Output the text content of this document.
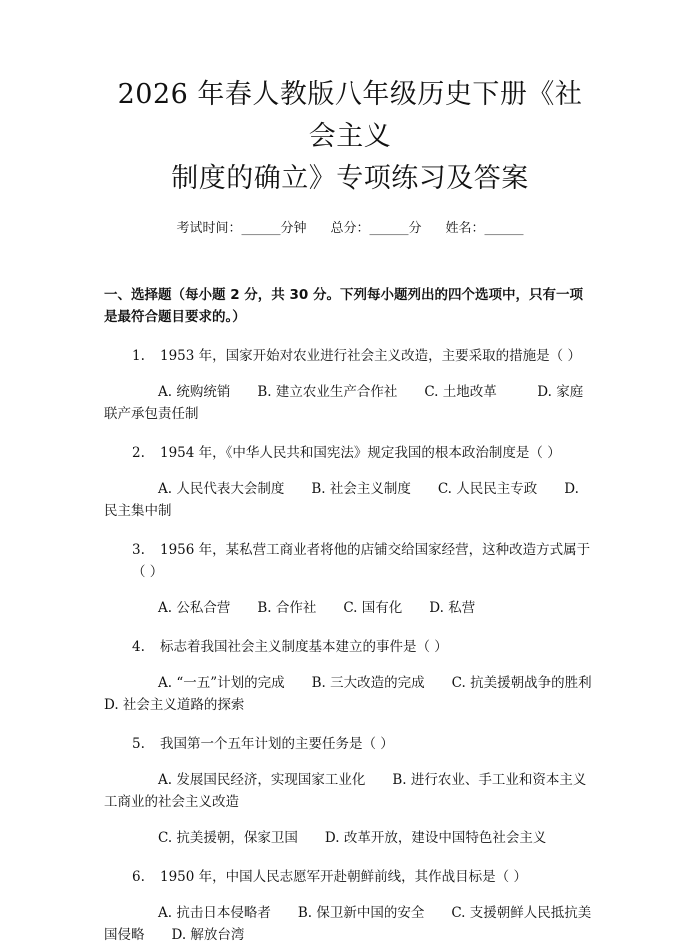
2026 年春人教版八年级历史下册《社会主义
制度的确立》专项练习及答案
考试时间：______分钟 总分：______分 姓名：______
一、选择题（每小题 2 分，共 30 分。下列每小题列出的四个选项中，只有一项是最符合题目要求的。）
1. 1953 年，国家开始对农业进行社会主义改造，主要采取的措施是（ ）
A. 统购统销　　B. 建立农业生产合作社　　C. 土地改革　　　D. 家庭联产承包责任制
2. 1954 年，《中华人民共和国宪法》规定我国的根本政治制度是（ ）
A. 人民代表大会制度　　B. 社会主义制度　　C. 人民民主专政　　D. 民主集中制
3. 1956 年，某私营工商业者将他的店铺交给国家经营，这种改造方式属于（ ）
A. 公私合营　　B. 合作社　　C. 国有化　　D. 私营
4. 标志着我国社会主义制度基本建立的事件是（ ）
A. “一五”计划的完成　　B. 三大改造的完成　　C. 抗美援朝战争的胜利　　D. 社会主义道路的探索
5. 我国第一个五年计划的主要任务是（ ）
A. 发展国民经济，实现国家工业化　　B. 进行农业、手工业和资本主义工商业的社会主义改造
C. 抗美援朝，保家卫国　　D. 改革开放，建设中国特色社会主义
6. 1950 年，中国人民志愿军开赴朝鲜前线，其作战目标是（ ）
A. 抗击日本侵略者　　B. 保卫新中国的安全　　C. 支援朝鲜人民抵抗美国侵略　　D. 解放台湾
